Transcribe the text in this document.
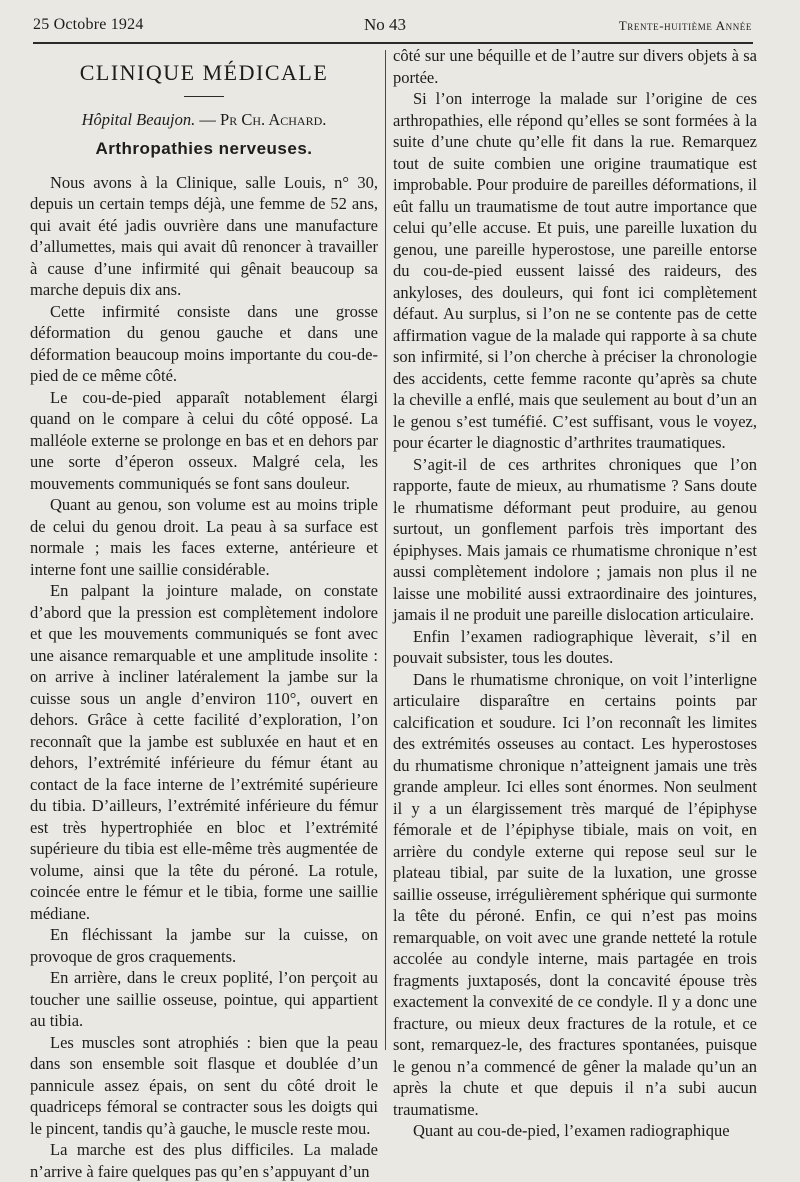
25 Octobre 1924	No 43	Trente-huitième Année
CLINIQUE MÉDICALE
Hôpital Beaujon. — Pr Ch. Achard.
Arthropathies nerveuses.

Nous avons à la Clinique, salle Louis, n° 30, depuis un certain temps déjà, une femme de 52 ans, qui avait été jadis ouvrière dans une manufacture d’allumettes, mais qui avait dû renoncer à travailler à cause d’une infirmité qui gênait beaucoup sa marche depuis dix ans.

Cette infirmité consiste dans une grosse déformation du genou gauche et dans une déformation beaucoup moins importante du cou-de-pied de ce même côté.

Le cou-de-pied apparaît notablement élargi quand on le compare à celui du côté opposé. La malléole externe se prolonge en bas et en dehors par une sorte d’éperon osseux. Malgré cela, les mouvements communiqués se font sans douleur.

Quant au genou, son volume est au moins triple de celui du genou droit. La peau à sa surface est normale ; mais les faces externe, antérieure et interne font une saillie considérable.

En palpant la jointure malade, on constate d’abord que la pression est complètement indolore et que les mouvements communiqués se font avec une aisance remarquable et une amplitude insolite : on arrive à incliner latéralement la jambe sur la cuisse sous un angle d’environ 110°, ouvert en dehors. Grâce à cette facilité d’exploration, l’on reconnaît que la jambe est subluxée en haut et en dehors, l’extrémité inférieure du fémur étant au contact de la face interne de l’extrémité supérieure du tibia. D’ailleurs, l’extrémité inférieure du fémur est très hypertrophiée en bloc et l’extrémité supérieure du tibia est elle-même très augmentée de volume, ainsi que la tête du péroné. La rotule, coincée entre le fémur et le tibia, forme une saillie médiane.

En fléchissant la jambe sur la cuisse, on provoque de gros craquements.

En arrière, dans le creux poplité, l’on perçoit au toucher une saillie osseuse, pointue, qui appartient au tibia.

Les muscles sont atrophiés : bien que la peau dans son ensemble soit flasque et doublée d’un pannicule assez épais, on sent du côté droit le quadriceps fémoral se contracter sous les doigts qui le pincent, tandis qu’à gauche, le muscle reste mou.

La marche est des plus difficiles. La malade n’arrive à faire quelques pas qu’en s’appuyant d’un

côté sur une béquille et de l’autre sur divers objets à sa portée.

Si l’on interroge la malade sur l’origine de ces arthropathies, elle répond qu’elles se sont formées à la suite d’une chute qu’elle fit dans la rue. Remarquez tout de suite combien une origine traumatique est improbable. Pour produire de pareilles déformations, il eût fallu un traumatisme de tout autre importance que celui qu’elle accuse. Et puis, une pareille luxation du genou, une pareille hyperostose, une pareille entorse du cou-de-pied eussent laissé des raideurs, des ankyloses, des douleurs, qui font ici complètement défaut. Au surplus, si l’on ne se contente pas de cette affirmation vague de la malade qui rapporte à sa chute son infirmité, si l’on cherche à préciser la chronologie des accidents, cette femme raconte qu’après sa chute la cheville a enflé, mais que seulement au bout d’un an le genou s’est tuméfié. C’est suffisant, vous le voyez, pour écarter le diagnostic d’arthrites traumatiques.

S’agit-il de ces arthrites chroniques que l’on rapporte, faute de mieux, au rhumatisme ? Sans doute le rhumatisme déformant peut produire, au genou surtout, un gonflement parfois très important des épiphyses. Mais jamais ce rhumatisme chronique n’est aussi complètement indolore ; jamais non plus il ne laisse une mobilité aussi extraordinaire des jointures, jamais il ne produit une pareille dislocation articulaire.

Enfin l’examen radiographique lèverait, s’il en pouvait subsister, tous les doutes.

Dans le rhumatisme chronique, on voit l’interligne articulaire disparaître en certains points par calcification et soudure. Ici l’on reconnaît les limites des extrémités osseuses au contact. Les hyperostoses du rhumatisme chronique n’atteignent jamais une très grande ampleur. Ici elles sont énormes. Non seulment il y a un élargissement très marqué de l’épiphyse fémorale et de l’épiphyse tibiale, mais on voit, en arrière du condyle externe qui repose seul sur le plateau tibial, par suite de la luxation, une grosse saillie osseuse, irrégulièrement sphérique qui surmonte la tête du péroné. Enfin, ce qui n’est pas moins remarquable, on voit avec une grande netteté la rotule accolée au condyle interne, mais partagée en trois fragments juxtaposés, dont la concavité épouse très exactement la convexité de ce condyle. Il y a donc une fracture, ou mieux deux fractures de la rotule, et ce sont, remarquez-le, des fractures spontanées, puisque le genou n’a commencé de gêner la malade qu’un an après la chute et que depuis il n’a subi aucun traumatisme.

Quant au cou-de-pied, l’examen radiographique
